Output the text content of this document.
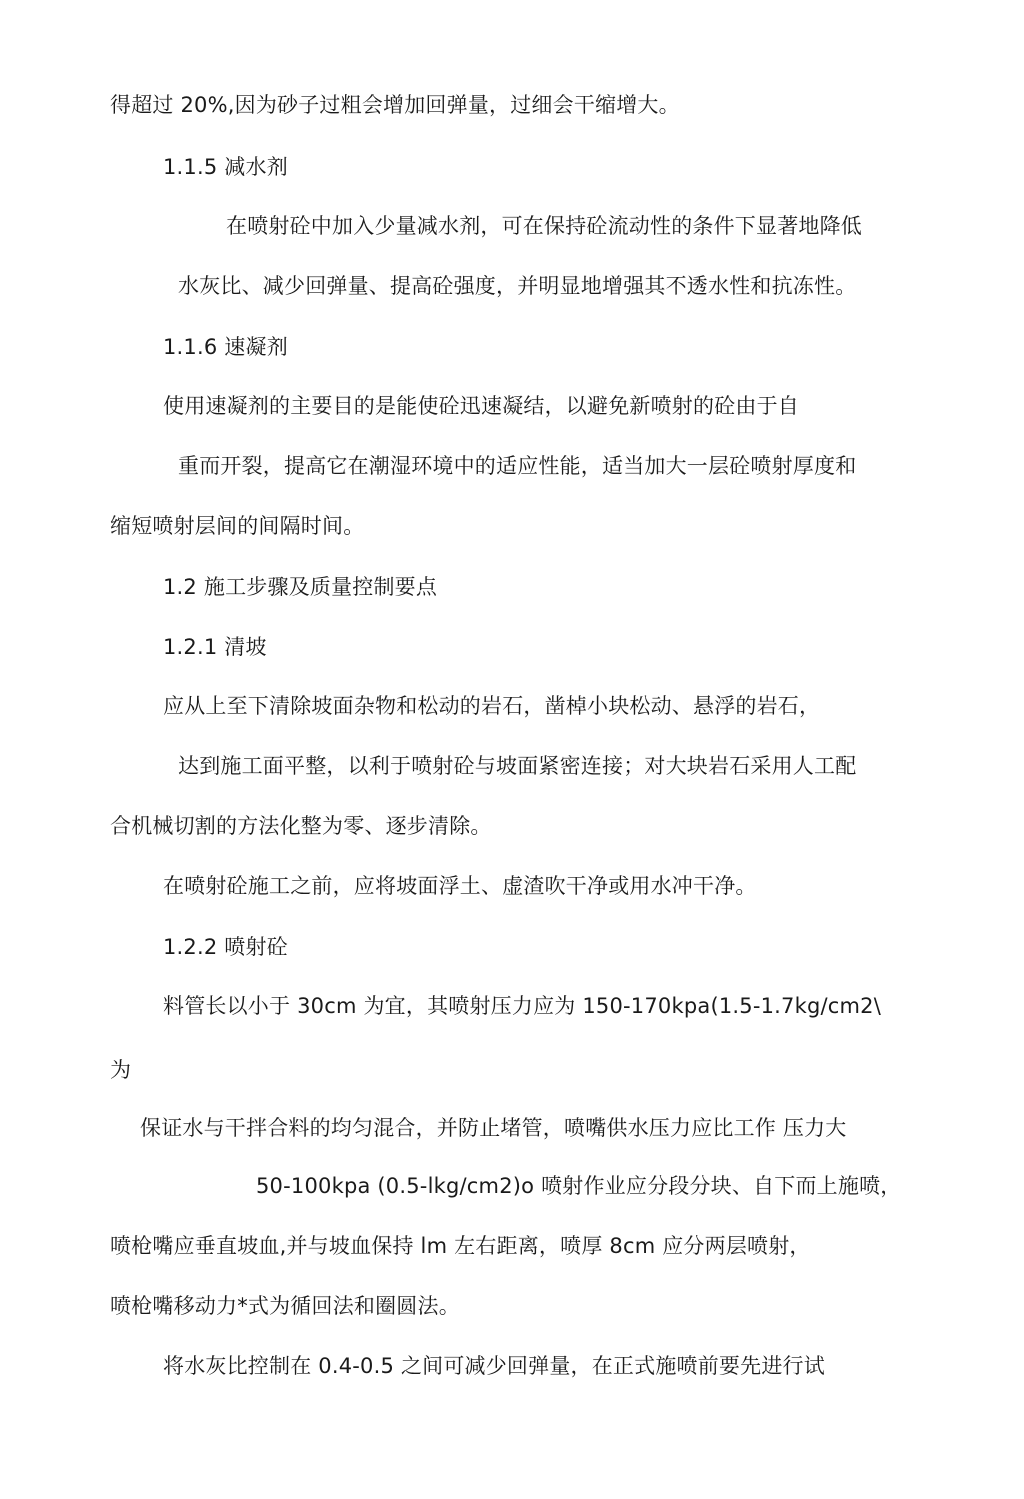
得超过 20%,因为砂子过粗会增加回弹量，过细会干缩增大。
1.1.5 减水剂
在喷射砼中加入少量减水剂，可在保持砼流动性的条件下显著地降低
水灰比、减少回弹量、提高砼强度，并明显地增强其不透水性和抗冻性。
1.1.6 速凝剂
使用速凝剂的主要目的是能使砼迅速凝结，以避免新喷射的砼由于自
重而开裂，提高它在潮湿环境中的适应性能，适当加大一层砼喷射厚度和
缩短喷射层间的间隔时间。
1.2 施工步骤及质量控制要点
1.2.1 清坡
应从上至下清除坡面杂物和松动的岩石，凿棹小块松动、悬浮的岩石，
达到施工面平整，以利于喷射砼与坡面紧密连接；对大块岩石采用人工配
合机械切割的方法化整为零、逐步清除。
在喷射砼施工之前，应将坡面浮土、虚渣吹干净或用水冲干净。
1.2.2 喷射砼
料管长以小于 30cm 为宜，其喷射压力应为 150-170kpa(1.5-1.7kg/cm2\
为
保证水与干拌合料的均匀混合，并防止堵管，喷嘴供水压力应比工作 压力大
50-100kpa (0.5-lkg/cm2)o 喷射作业应分段分块、自下而上施喷，
喷枪嘴应垂直坡血,并与坡血保持 lm 左右距离，喷厚 8cm 应分两层喷射，
喷枪嘴移动力*式为循回法和圈圆法。
将水灰比控制在 0.4-0.5 之间可减少回弹量，在正式施喷前要先进行试
